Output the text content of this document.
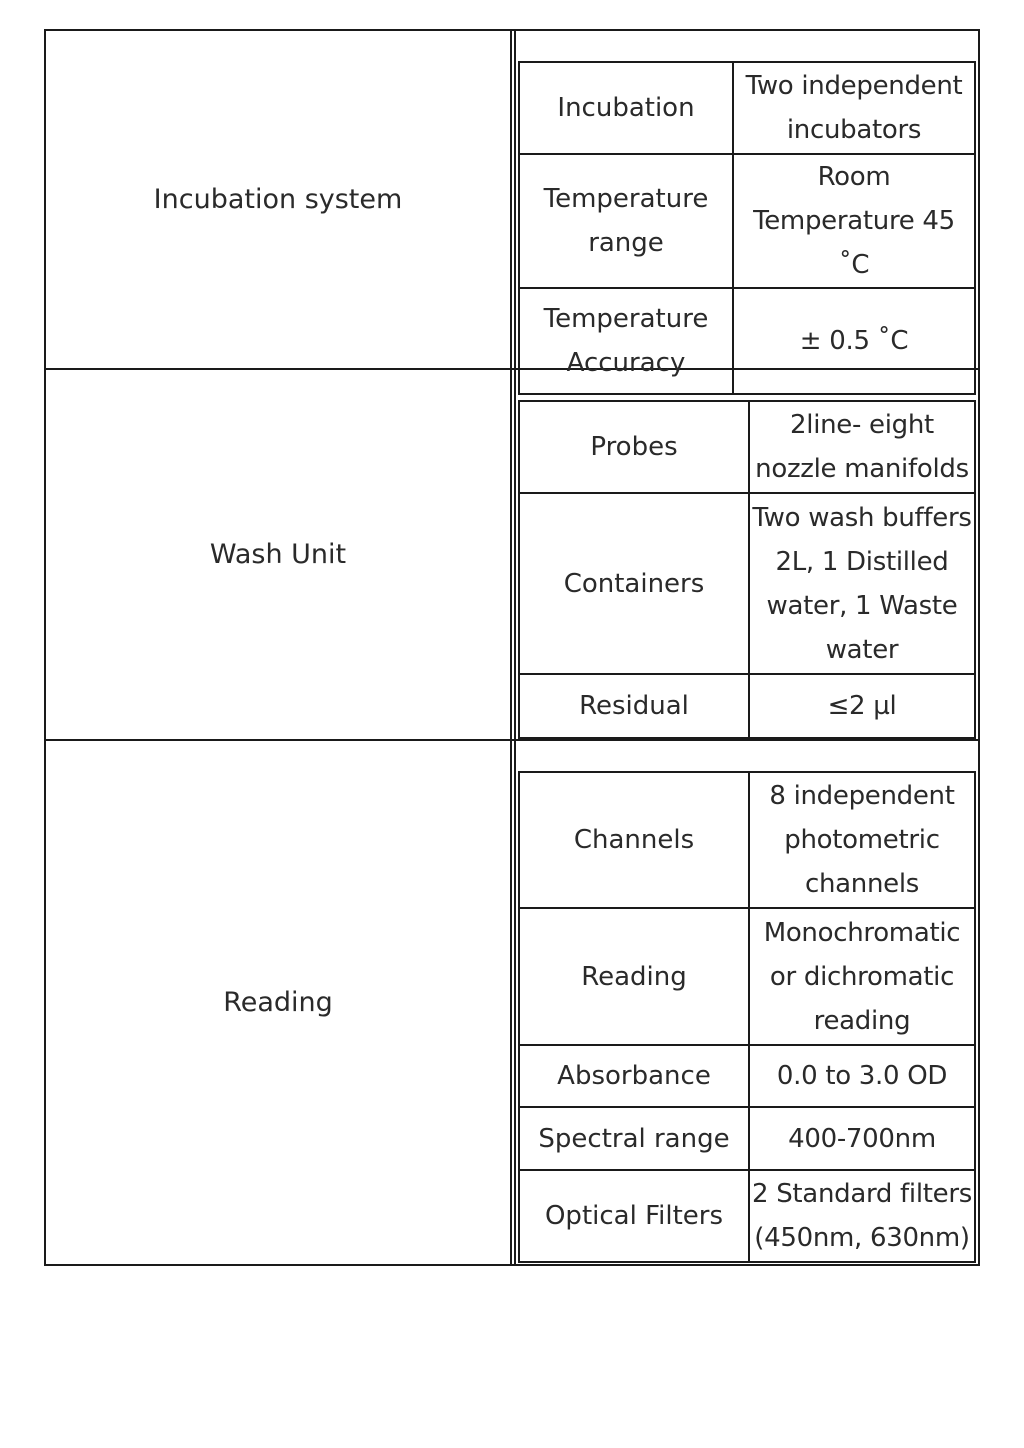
Incubation system
Incubation	Two independent incubators
Temperature range	Room Temperature 45 ˚C
Temperature Accuracy	± 0.5 ˚C
Wash Unit
Probes	2line- eight nozzle manifolds
Containers	Two wash buffers 2L, 1 Distilled water, 1 Waste water
Residual	≤2 µl
Reading
Channels	8 independent photometric channels
Reading	Monochromatic or dichromatic reading
Absorbance	0.0 to 3.0 OD
Spectral range	400-700nm
Optical Filters	2 Standard filters (450nm, 630nm)
